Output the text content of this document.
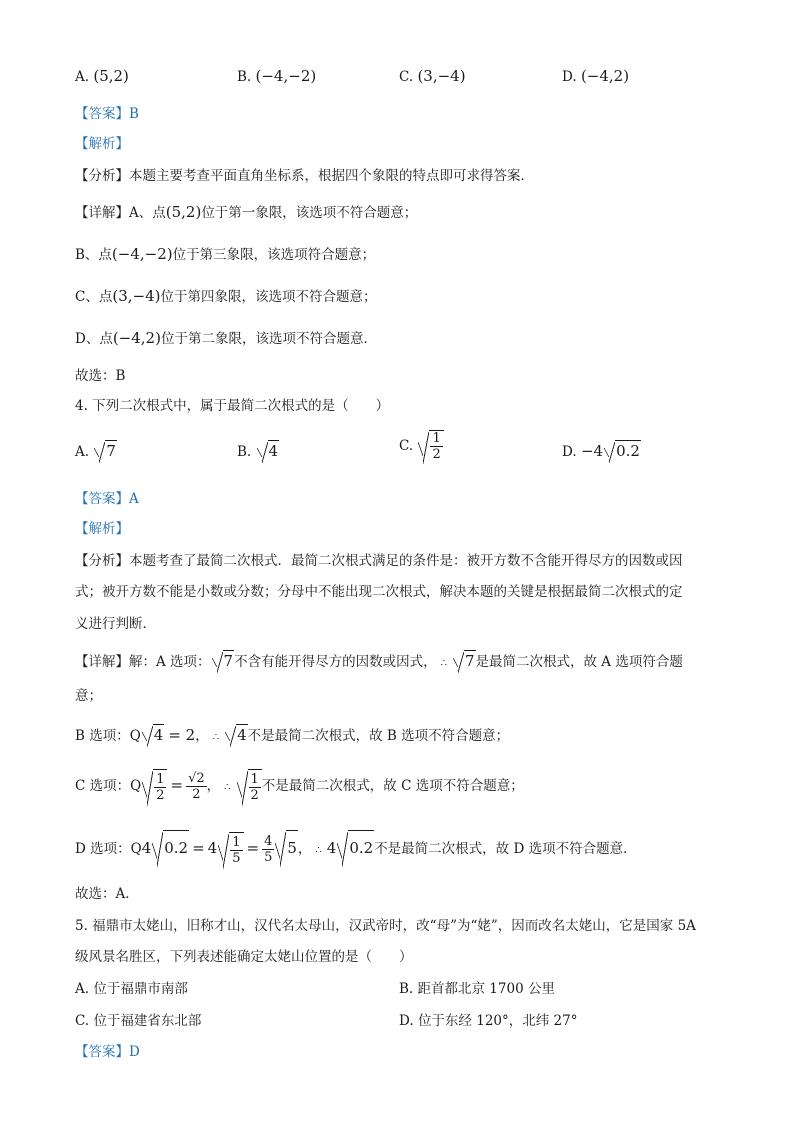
A. (5,2)	B. (−4,−2)	C. (3,−4)	D. (−4,2)
【答案】B
【解析】
【分析】本题主要考查平面直角坐标系，根据四个象限的特点即可求得答案．
【详解】A、点(5,2)位于第一象限，该选项不符合题意；
B、点(−4,−2)位于第三象限，该选项符合题意；
C、点(3,−4)位于第四象限，该选项不符合题意；
D、点(−4,2)位于第二象限，该选项不符合题意．
故选：B
4. 下列二次根式中，属于最简二次根式的是（　　）
A. 7	B. 4	C. $\frac{1}{2}$	D. −4 0.2
【答案】A
【解析】
【分析】本题考查了最简二次根式．最简二次根式满足的条件是：被开方数不含能开得尽方的因数或因
式；被开方数不能是小数或分数；分母中不能出现二次根式，解决本题的关键是根据最简二次根式的定
义进行判断．
【详解】解：A 选项： 7不含有能开得尽方的因数或因式， ∴ 7是最简二次根式，故 A 选项符合题
意；
B 选项：Q 4 = 2， ∴ 4不是最简二次根式，故 B 选项不符合题意；
C 选项：Q $\frac{1}{2} = \frac{√2}{2}$ ， ∴ $\frac{1}{2}$ 不是最简二次根式，故 C 选项不符合题意；
D 选项：Q4 $0.2 = 4 \frac{1}{5} = \frac{4}{5} 5$， ∴ 4 0.2不是最简二次根式，故 D 选项不符合题意．
故选：A．
5. 福鼎市太姥山，旧称才山，汉代名太母山，汉武帝时，改“母”为“姥”，因而改名太姥山，它是国家 5A
级风景名胜区，下列表述能确定太姥山位置的是（　　）
A. 位于福鼎市南部	B. 距首都北京 1700 公里
C. 位于福建省东北部	D. 位于东经 120°，北纬 27°
【答案】D
